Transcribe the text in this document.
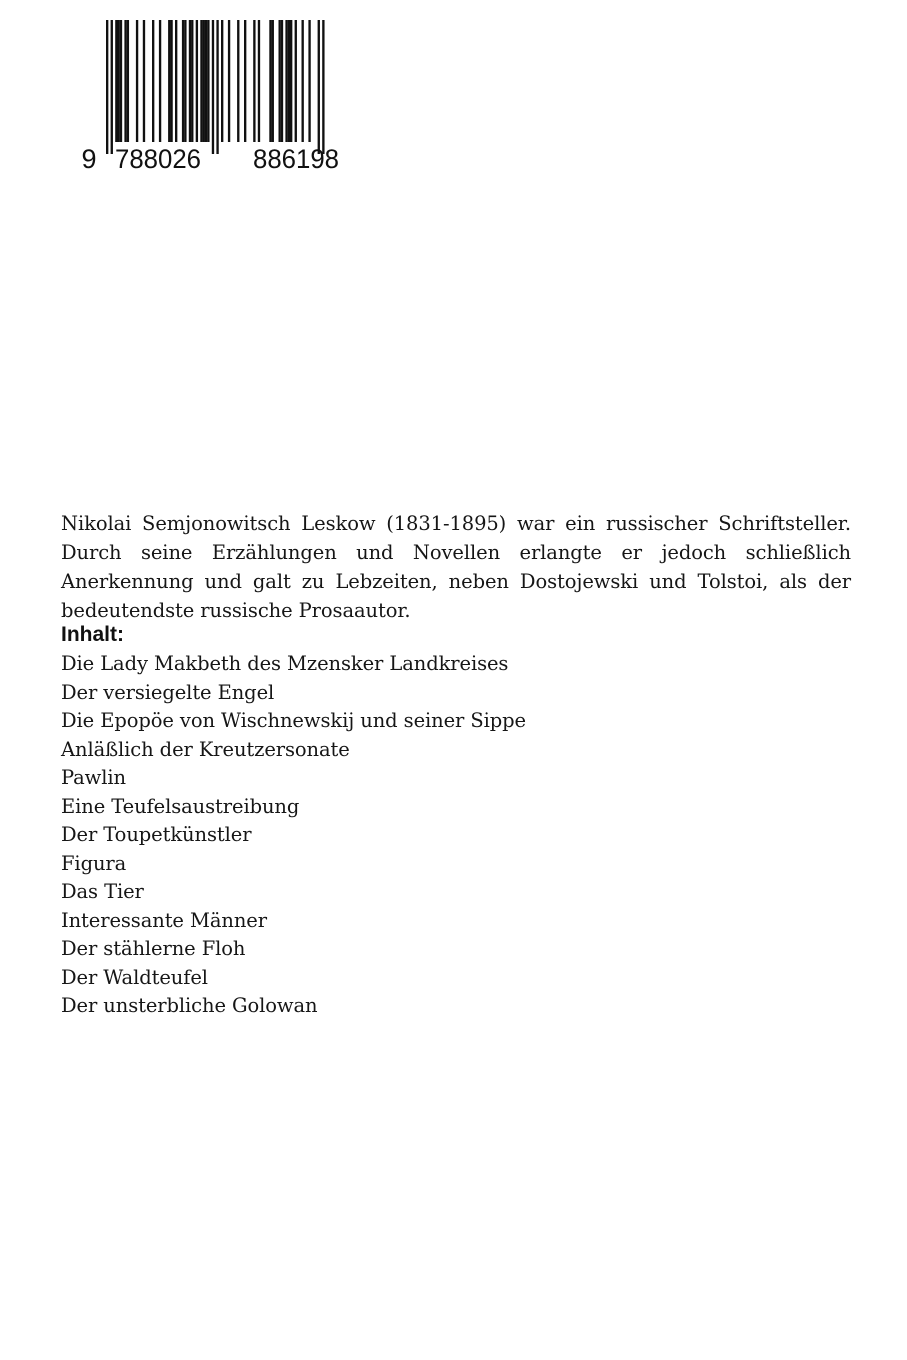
9 788026 886198

Nikolai Semjonowitsch Leskow (1831-1895) war ein russischer Schriftsteller. Durch seine Erzählungen und Novellen erlangte er jedoch schließlich Anerkennung und galt zu Lebzeiten, neben Dostojewski und Tolstoi, als der bedeutendste russische Prosaautor.

Inhalt:
Die Lady Makbeth des Mzensker Landkreises
Der versiegelte Engel
Die Epopöe von Wischnewskij und seiner Sippe
Anläßlich der Kreutzersonate
Pawlin
Eine Teufelsaustreibung
Der Toupetkünstler
Figura
Das Tier
Interessante Männer
Der stählerne Floh
Der Waldteufel
Der unsterbliche Golowan
